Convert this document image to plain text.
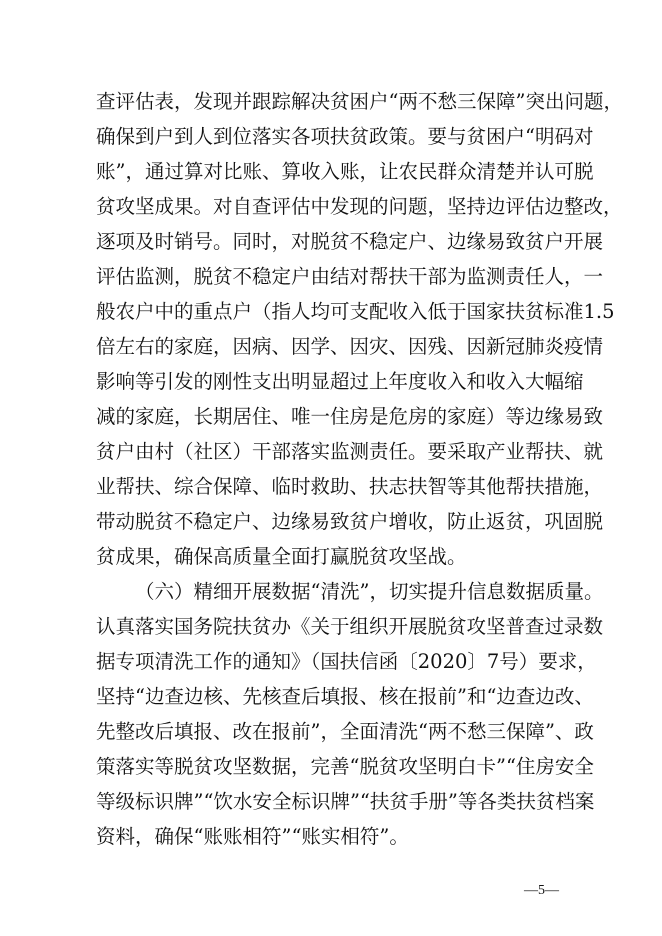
查评估表，发现并跟踪解决贫困户“两不愁三保障”突出问题，
确保到户到人到位落实各项扶贫政策。要与贫困户“明码对
账”，通过算对比账、算收入账，让农民群众清楚并认可脱
贫攻坚成果。对自查评估中发现的问题，坚持边评估边整改，
逐项及时销号。同时，对脱贫不稳定户、边缘易致贫户开展
评估监测，脱贫不稳定户由结对帮扶干部为监测责任人，一
般农户中的重点户（指人均可支配收入低于国家扶贫标准1.5
倍左右的家庭，因病、因学、因灾、因残、因新冠肺炎疫情
影响等引发的刚性支出明显超过上年度收入和收入大幅缩
减的家庭，长期居住、唯一住房是危房的家庭）等边缘易致
贫户由村（社区）干部落实监测责任。要采取产业帮扶、就
业帮扶、综合保障、临时救助、扶志扶智等其他帮扶措施，
带动脱贫不稳定户、边缘易致贫户增收，防止返贫，巩固脱
贫成果，确保高质量全面打赢脱贫攻坚战。
（六）精细开展数据“清洗”，切实提升信息数据质量。
认真落实国务院扶贫办《关于组织开展脱贫攻坚普查过录数
据专项清洗工作的通知》（国扶信函〔2020〕7号）要求，
坚持“边查边核、先核查后填报、核在报前”和“边查边改、
先整改后填报、改在报前”，全面清洗“两不愁三保障”、政
策落实等脱贫攻坚数据，完善“脱贫攻坚明白卡”“住房安全
等级标识牌”“饮水安全标识牌”“扶贫手册”等各类扶贫档案
资料，确保“账账相符”“账实相符”。
—5—
